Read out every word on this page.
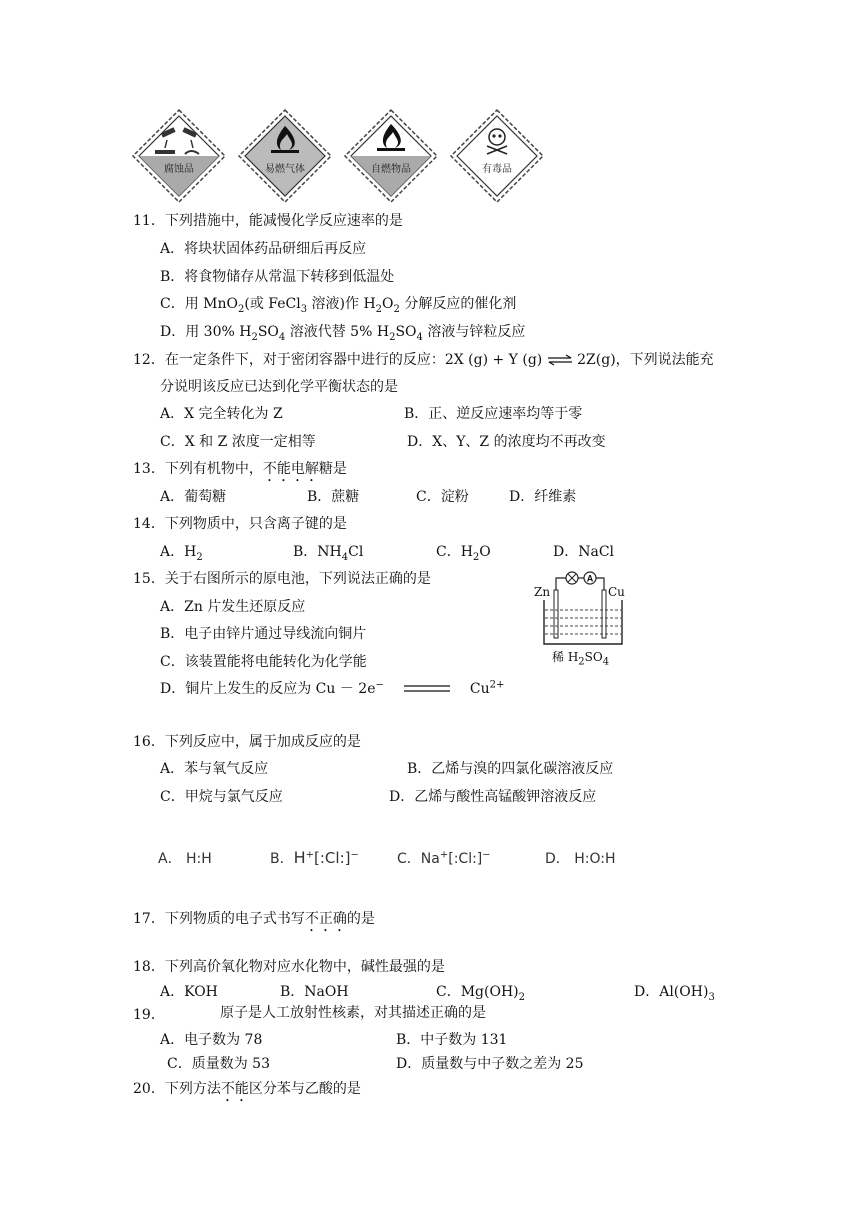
腐蚀品	易燃气体	自燃物品	有毒品
11．下列措施中，能减慢化学反应速率的是
A．将块状固体药品研细后再反应
B．将食物储存从常温下转移到低温处
C．用 MnO$_2$(或 FeCl$_3$ 溶液)作 $H_2O_2$ 分解反应的催化剂
D．用 30% $H_2SO_4$ 溶液代替 5% $H_2SO_4$ 溶液与锌粒反应
12．在一定条件下，对于密闭容器中进行的反应：2X (g) + Y (g) ⇌ 2Z(g)，下列说法能充
分说明该反应已达到化学平衡状态的是
A．X 完全转化为 Z	B．正、逆反应速率均等于零
C．X 和 Z 浓度一定相等	D．X、Y、Z 的浓度均不再改变
13．下列有机物中，不能电解糖是
A．葡萄糖	B．蔗糖	C．淀粉	D．纤维素
14．下列物质中，只含离子键的是
A．$H_2$	B．$NH_4Cl$	C．$H_2O$	D．NaCl
15．关于右图所示的原电池，下列说法正确的是
A．Zn 片发生还原反应
B．电子由锌片通过导线流向铜片
C．该装置能将电能转化为化学能
D．铜片上发生的反应为 Cu － 2e−	$Cu^{2+}$
A
Zn	Cu
稀 $H_2SO_4$
16．下列反应中，属于加成反应的是
A．苯与氧气反应	B．乙烯与溴的四氯化碳溶液反应
C．甲烷与氯气反应	D．乙烯与酸性高锰酸钾溶液反应
A． H:H	B．H+[:Cl:]−	C．Na+[:Cl:]−	D． H:O:H
17．下列物质的电子式书写不正确的是
18．下列高价氧化物对应水化物中，碱性最强的是
A．KOH	B．NaOH	C．$Mg(OH)_2$	D．$Al(OH)_3$
19．	原子是人工放射性核素，对其描述正确的是
A．电子数为 78	B．中子数为 131
C．质量数为 53	D．质量数与中子数之差为 25
20．下列方法不能区分苯与乙酸的是
